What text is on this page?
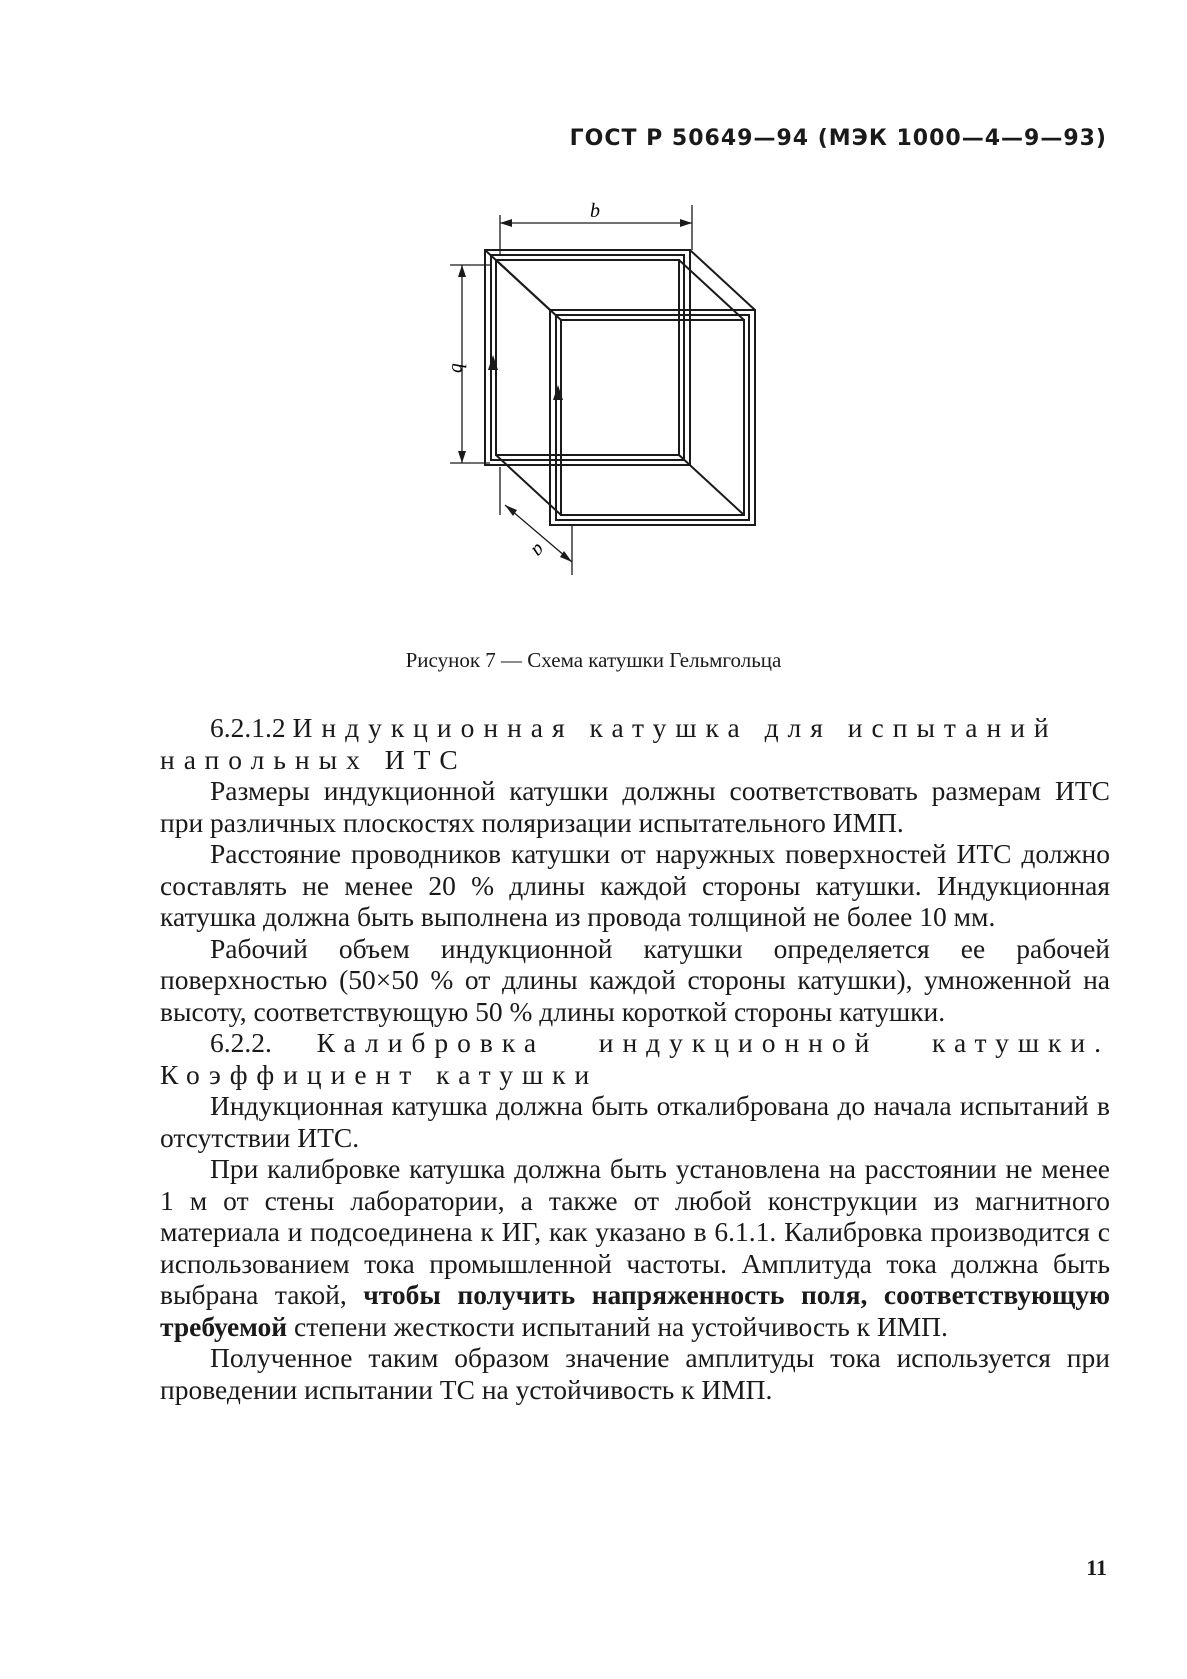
ГОСТ Р 50649—94 (МЭК 1000—4—9—93)
b
b
a
Рисунок 7 — Схема катушки Гельмгольца

6.2.1.2 Индукционная катушка для испытаний
напольных ИТС

Размеры индукционной катушки должны соответствовать размерам ИТС при различных плоскостях поляризации испытательного ИМП.

Расстояние проводников катушки от наружных поверхностей ИТС должно составлять не менее 20 % длины каждой стороны катушки. Индукционная катушка должна быть выполнена из провода толщиной не более 10 мм.

Рабочий объем индукционной катушки определяется ее рабочей поверхностью (50×50 % от длины каждой стороны катушки), умноженной на высоту, соответствующую 50 % длины короткой стороны катушки.

6.2.2. Калибровка индукционной катушки. Коэффициент катушки

Индукционная катушка должна быть откалибрована до начала испытаний в отсутствии ИТС.

При калибровке катушка должна быть установлена на расстоянии не менее 1 м от стены лаборатории, а также от любой конструкции из магнитного материала и подсоединена к ИГ, как указано в 6.1.1. Калибровка производится с использованием тока промышленной частоты. Амплитуда тока должна быть выбрана такой, чтобы получить напряженность поля, соответствующую требуемой степени жесткости испытаний на устойчивость к ИМП.

Полученное таким образом значение амплитуды тока используется при проведении испытании ТС на устойчивость к ИМП.

11
